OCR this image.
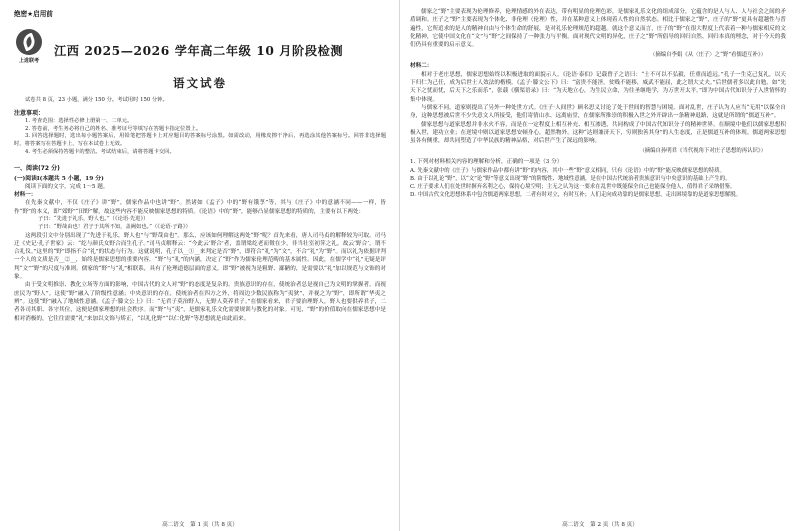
绝密★启用前
上进联考
江西 2025—2026 学年高二年级 10 月阶段检测
语文试卷

试卷共 8 页，23 小题，满分 150 分。考试用时 150 分钟。

注意事项：

1. 考查范围：选择性必修上册第一、二单元。

2. 答卷前，考生务必将自己的姓名、准考证号等填写在答题卡指定位置上。

3. 回答选择题时，选出每小题答案后，用铅笔把答题卡上对应题目的答案标号涂黑。如需改动，用橡皮擦干净后，再选涂其他答案标号。回答非选择题时，将答案写在答题卡上，写在本试卷上无效。

4. 考生必须保持答题卡的整洁。考试结束后，请将答题卡交回。

一、阅读(72 分)
(一)阅读Ⅰ(本题共 5 小题，19 分)

阅读下面的文字，完成 1～5 题。

材料一：

在先秦文献中，不仅《庄子》讲“野”，儒家作品中也讲“野”。然诸如《孟子》中的“野有饿莩”等，其与《庄子》中的意涵不同——一样，皆作“野”的本义，即“郊野”“田野”解，故这些内容不能反映儒家思想的特质。《论语》中的“野”，能够凸显儒家思想的特质的，主要有以下两处：

子曰：“先进于礼乐，野人也。”（《论语·先进》）

子曰：“野哉由也！君子于其所不知，盖阙如也。”（《论语·子路》）

这两段引文中分别出现了“先进于礼乐，野人也”与“野哉由也”。那么，应该如何理解这两处“野”呢？首先来看，唐人司马贞的解释较为可取。司马迁《史记·孔子世家》云：“纥与颜氏女野合而生孔子。”司马贞解释云：“今此云‘野合’者，盖谓梁纥老而徵在少，非当壮室初笄之礼，故云‘野合’，谓不合礼仪。”这里的“野”即指不合“礼”的状态与行为。这就说明，孔子以__①__来判定是否“野”，即符合“礼”为“文”，不合“礼”为“野”。而以礼为依据评判一个人的文质是否__②__，始终是儒家思想的重要内容。“野”与“礼”的内涵，决定了“野”作为儒家伦理范畴的基本属性。因此，在儒学中“礼”无疑是评判“文”“野”的尺度与准则。儒家的“野”与“礼”相联系，具有了伦理道德层面的意义，即“野”被视为是粗野、鄙陋的，是需要以“礼”加以规范与文饰的对象。

由于受文明推崇、教化立场等方面的影响，中国古代的文人对“野”的态度是复杂的。贵族意识的存在，使统治者总是视自己为文明的掌握者，而视庶民为“野人”。这使“野”融入了阶级性意涵；中央意识的存在，使统治者在四方之外，将周边少数民族称为“夷狄”，并视之为“野”，即所谓“华夷之辨”。这使“野”融入了地域性意涵。《孟子·滕文公上》曰：“无君子莫治野人，无野人莫养君子。”在儒家看来，君子要治理野人，野人也要供养君子，二者各司其职、各守其位，这便是儒家理想的社会秩序。而“野”与“夷”，是儒家礼乐文化需要规训与教化的对象。可见，“野”的价值取向在儒家思想中是相对消极的，它往往需要“礼”来加以文饰与矫正，“以礼化野”“以仁化野”等思想就是由此而来。

高二语文　第 1 页（共 8 页）

儒家之“野”主要表现为伦理修养，伦理情感的外在表达，带有明显的伦理色彩，是儒家礼乐文化的组成部分，它蕴含的是人与人、人与社会之间的矛盾调和。庄子之“野”主要表现为个体化、非伦理（伦理）性，并在某种意义上体现着人性的自然状态。相比于儒家之“野”，庄子的“野”更具有超越性与普遍性，它所追求的是人的精神自由与个体生命的舒展，是对礼乐伦理规范的超越。就这个意义而言，庄子的“野”在很大程度上代表着一种与儒家相反的文化精神，它使中国文化在“文”与“野”之间保持了一种张力与平衡。面对现代文明的异化，庄子之“野”所倡导的回归自然、回归本真的理念，对于今天的我们仍具有重要的启示意义。

（摘编自李娟《从〈庄子〉之“野”看儒道互补》）

材料二：

相对于老庄思想，儒家思想始终以积极进取的面貌示人。《论语·泰伯》记载曾子之语曰：“士不可以不弘毅，任重而道远。”孔子一生克己复礼，以天下归仁为己任，成为后世士人效法的楷模。《孟子·滕文公下》曰：“富贵不能淫，贫贱不能移，威武不能屈，此之谓大丈夫。”后世儒者多以此自勉，如“先天下之忧而忧，后天下之乐而乐”，张载《横渠语录》曰：“为天地立心，为生民立命，为往圣继绝学，为万世开太平。”即为中国古代知识分子入世情怀的集中体现。

与儒家不同，道家则提出了另外一种处世方式。《庄子·人间世》顾名思义讨论了处于世间的智慧与困境。面对乱世，庄子认为人应当“无用”以保全自身，这种思想被后世不少失意文人所接受，他们寄情山水、远离庙堂，在儒家所推崇的积极入世之外开辟出一条精神退路，这就是所谓的“儒道互补”。

儒家思想与道家思想并非水火不容，而是在一定程度上相互补充、相互渗透，共同构成了中国古代知识分子的精神世界。在顺境中他们以儒家思想积极入世，建功立业；在逆境中则以道家思想安顿身心，超然物外。这种“达则兼济天下，穷则独善其身”的人生态度，正是儒道互补的体现。儒道两家思想虽各有侧重，却共同塑造了中华民族的精神品格，对后世产生了深远的影响。

（摘编自孙明君《当代视角下对庄子思想的再认识》）

1. 下列对材料相关内容的理解和分析，正确的一项是（3 分）

A. 先秦文献中的《庄子》与儒家作品中都有讲“野”的内容，其中一些“野”意义相同，只有《论语》中的“野”能反映儒家思想的特质。

B. 由于以礼论“野”，以“文”论“野”等意义出现“野”的阶级性、地域性意涵，是在中国古代统治者贵族意识与中央意识的基础上产生的。

C. 庄子要求人们在处世时摒弃名利之心，保持心境空明；主无之认为这一要求在乱世中既能保全自己也能保全他人，值得君子采纳借鉴。

D. 中国古代文化思想体系中包含儒道两家思想，二者有时对立，有时互补；人们走向成功靠的是儒家思想，走出困境靠的是道家思想解脱。

高二语文　第 2 页（共 8 页）
